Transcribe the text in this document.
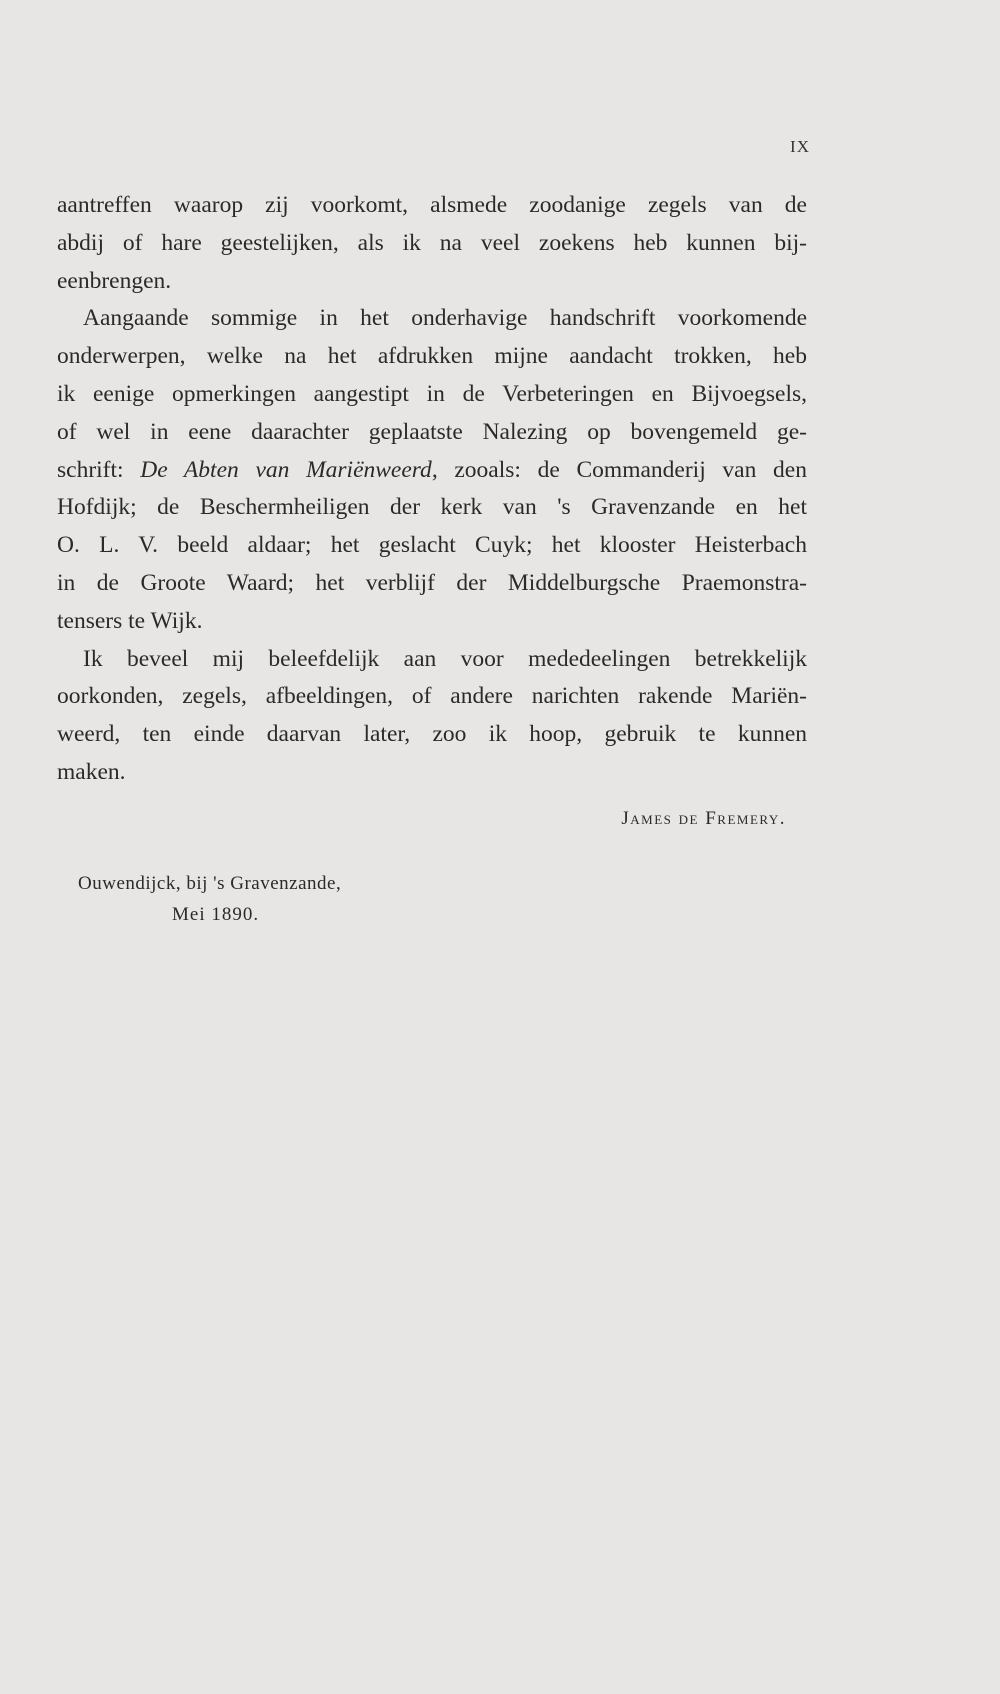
IX
aantreffen waarop zij voorkomt, alsmede zoodanige zegels van de
abdij of hare geestelijken, als ik na veel zoekens heb kunnen bij-
eenbrengen.
Aangaande sommige in het onderhavige handschrift voorkomende
onderwerpen, welke na het afdrukken mijne aandacht trokken, heb
ik eenige opmerkingen aangestipt in de Verbeteringen en Bijvoegsels,
of wel in eene daarachter geplaatste Nalezing op bovengemeld ge-
schrift: De Abten van Mariënweerd, zooals: de Commanderij van den
Hofdijk; de Beschermheiligen der kerk van 's Gravenzande en het
O. L. V. beeld aldaar; het geslacht Cuyk; het klooster Heisterbach
in de Groote Waard; het verblijf der Middelburgsche Praemonstra-
tensers te Wijk.
Ik beveel mij beleefdelijk aan voor mededeelingen betrekkelijk
oorkonden, zegels, afbeeldingen, of andere narichten rakende Mariën-
weerd, ten einde daarvan later, zoo ik hoop, gebruik te kunnen
maken.
James de Fremery.
Ouwendijck, bij 's Gravenzande,
Mei 1890.
